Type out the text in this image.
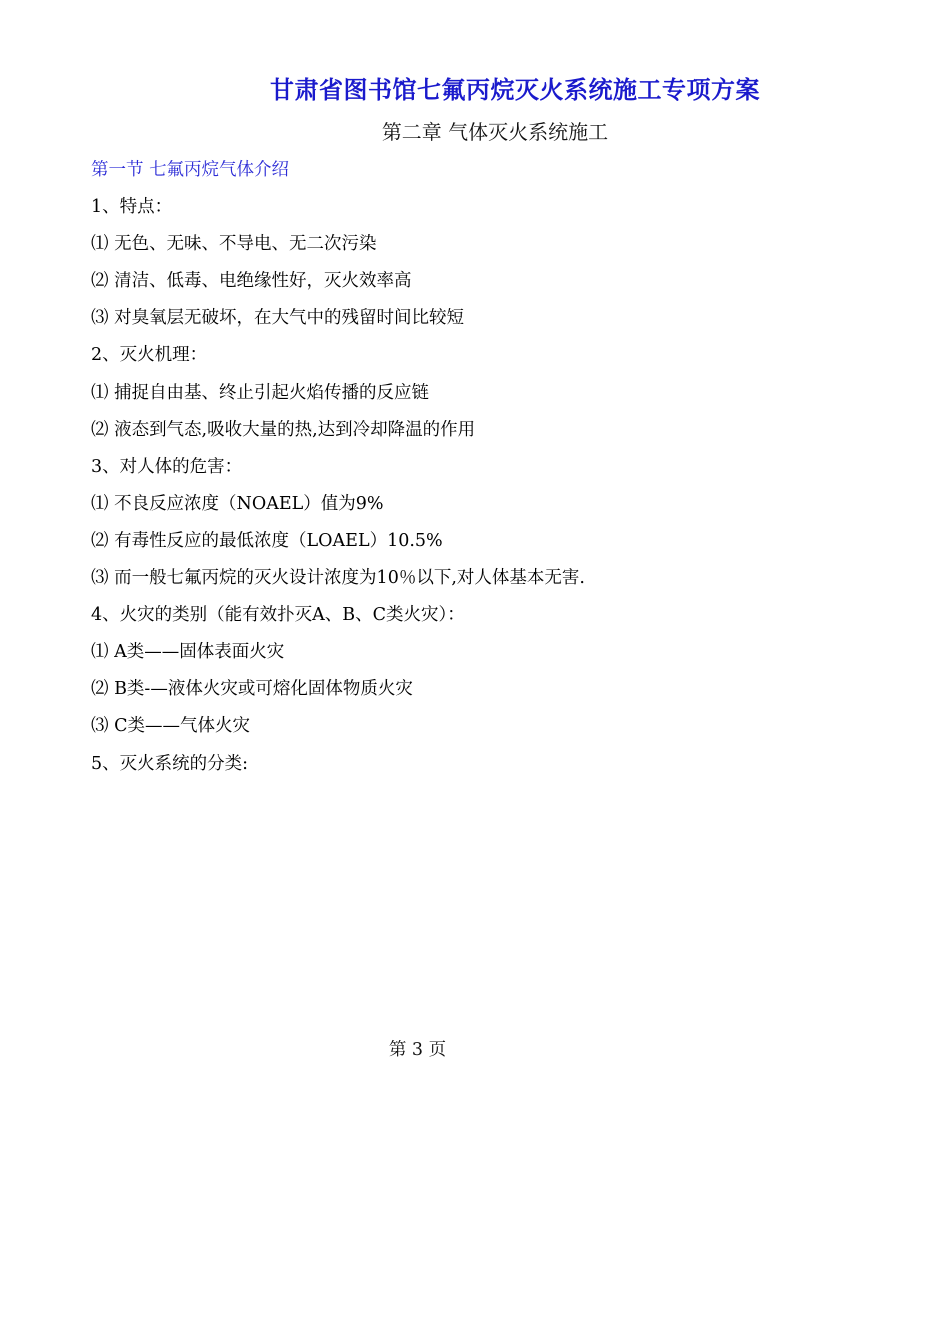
甘肃省图书馆七氟丙烷灭火系统施工专项方案
第二章 气体灭火系统施工
第一节 七氟丙烷气体介绍
1、特点：
⑴ 无色、无味、不导电、无二次污染
⑵ 清洁、低毒、电绝缘性好，灭火效率高
⑶ 对臭氧层无破坏，在大气中的残留时间比较短
2、灭火机理：
⑴ 捕捉自由基、终止引起火焰传播的反应链
⑵ 液态到气态,吸收大量的热,达到冷却降温的作用
3、对人体的危害：
⑴ 不良反应浓度（NOAEL）值为9%
⑵ 有毒性反应的最低浓度（LOAEL）10.5%
⑶ 而一般七氟丙烷的灭火设计浓度为10％以下,对人体基本无害.
4、火灾的类别（能有效扑灭A、B、C类火灾）：
⑴ A类——固体表面火灾
⑵ B类-—液体火灾或可熔化固体物质火灾
⑶ C类——气体火灾
5、灭火系统的分类:
第 3 页
